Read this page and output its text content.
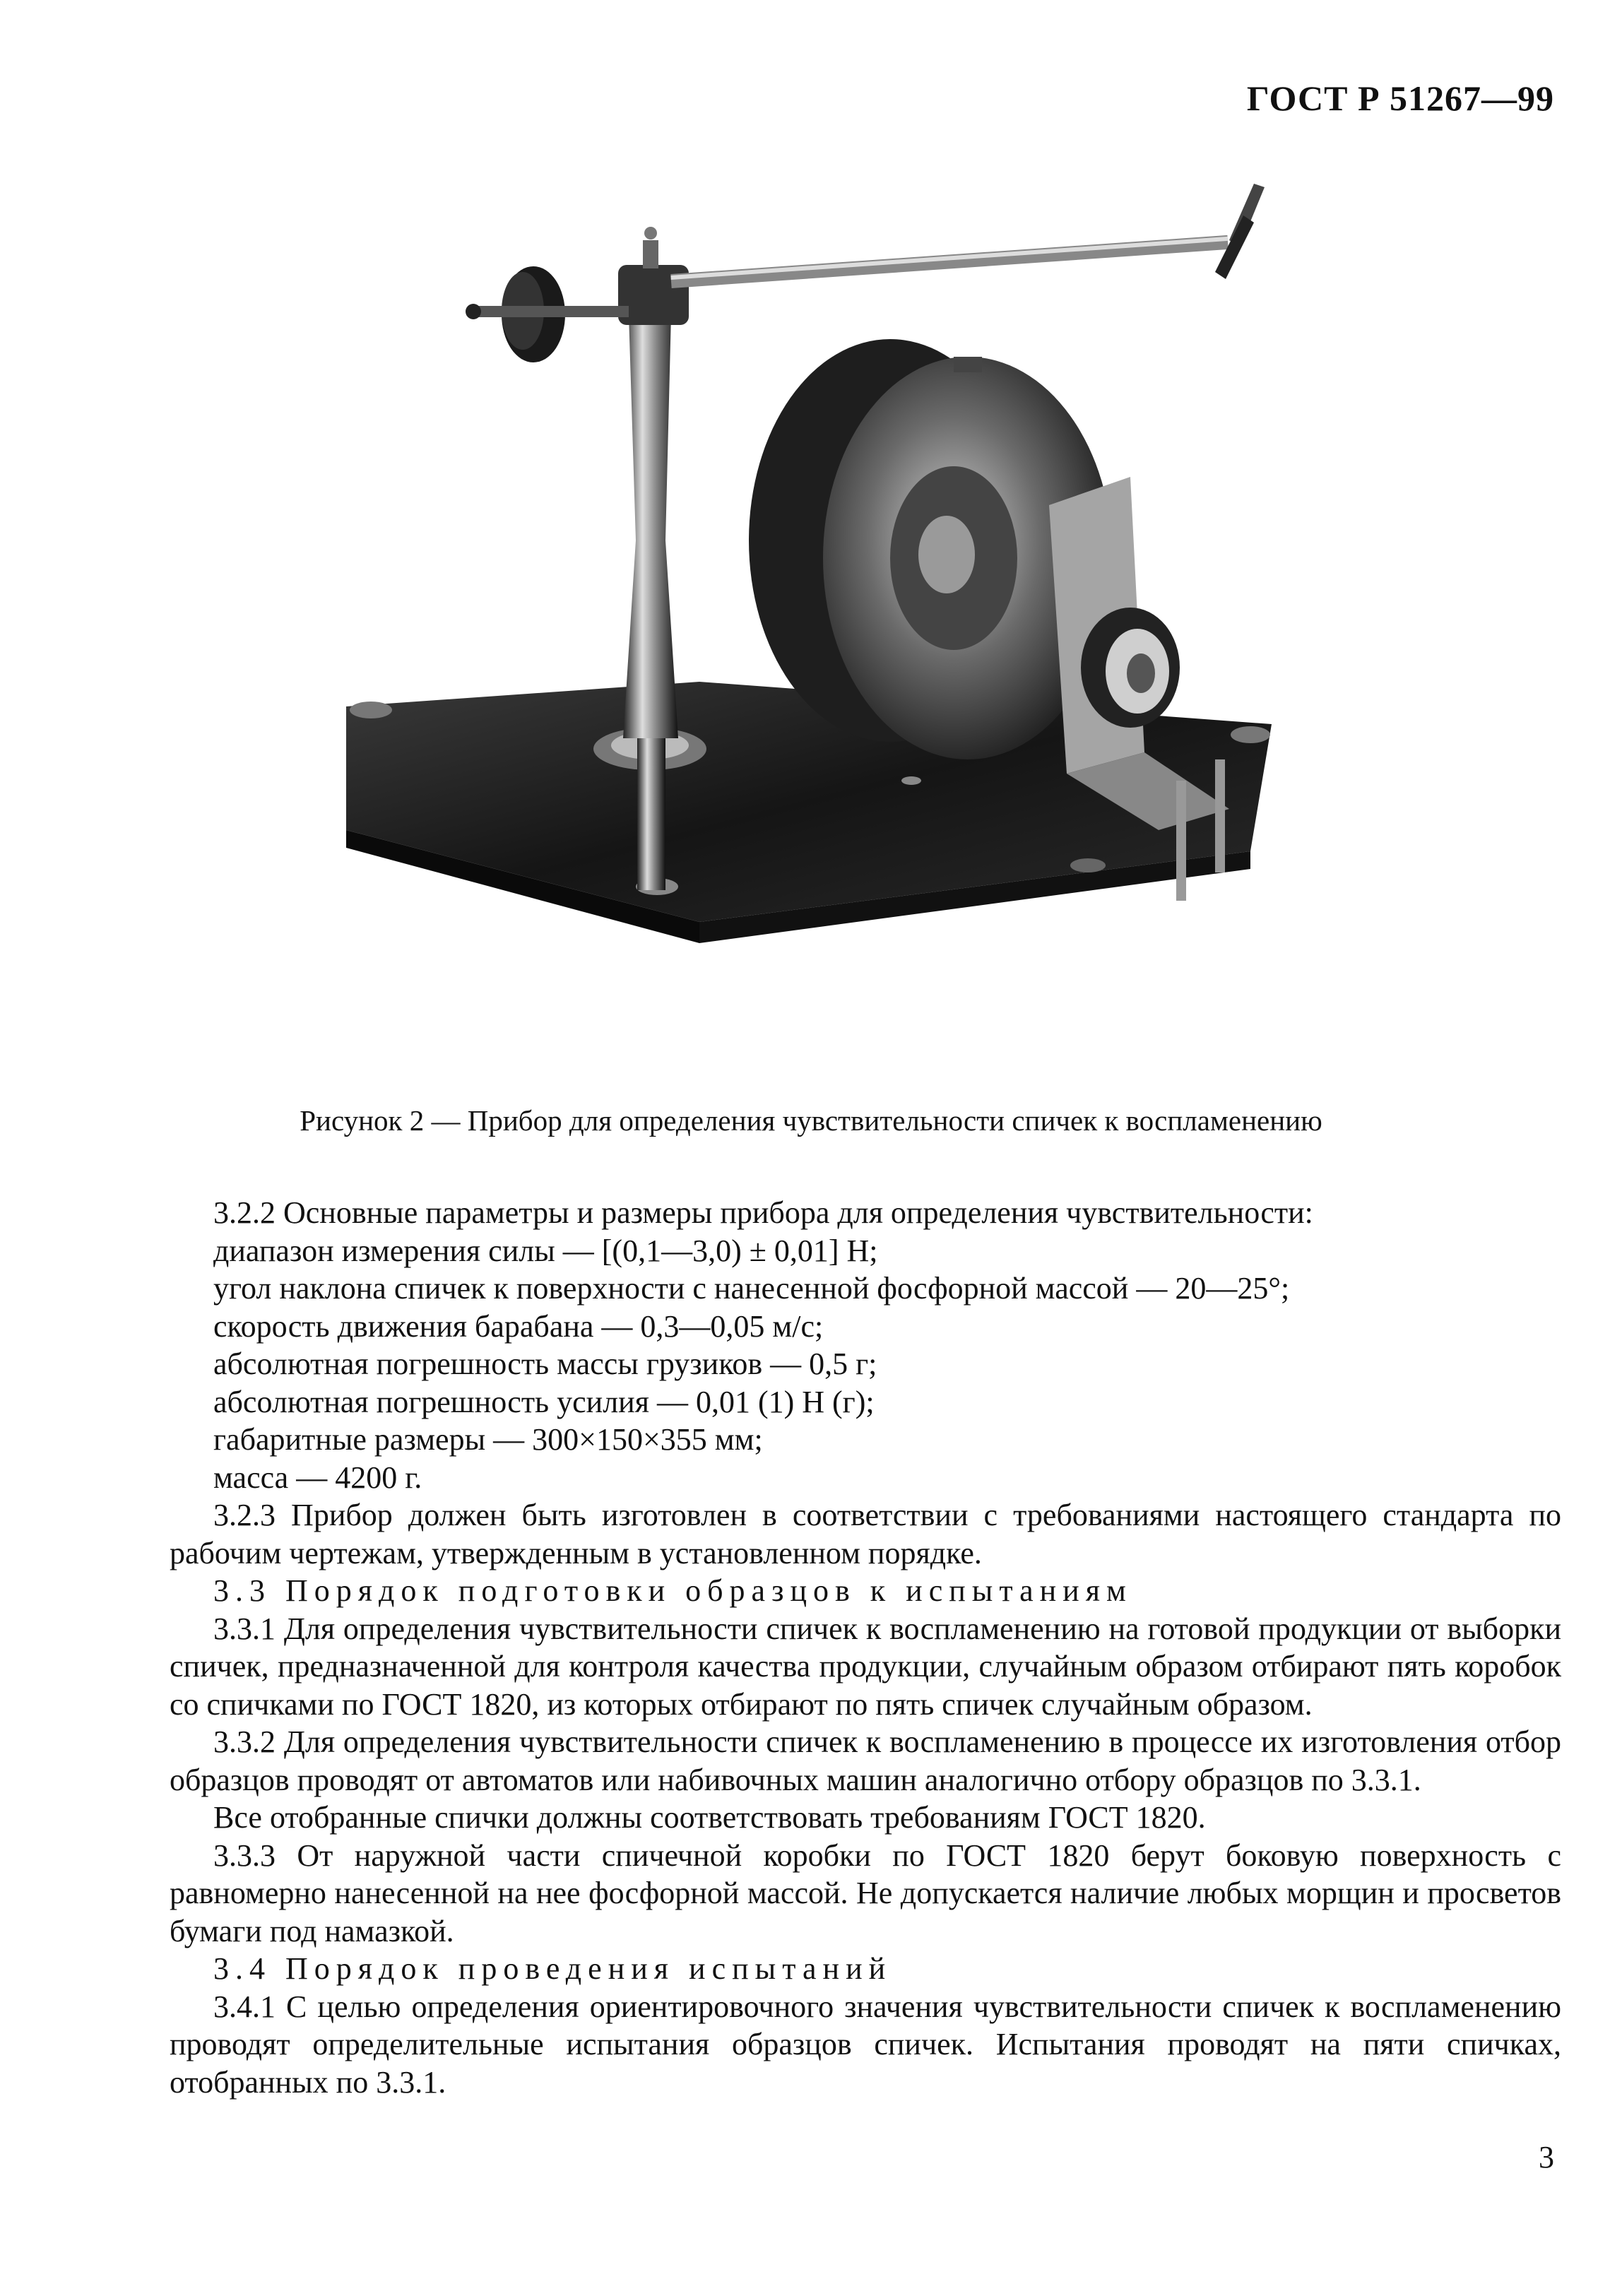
ГОСТ Р 51267—99
Рисунок 2 — Прибор для определения чувствительности спичек к воспламенению

3.2.2 Основные параметры и размеры прибора для определения чувствительности:

диапазон измерения силы — [(0,1—3,0) ± 0,01] Н;

угол наклона спичек к поверхности с нанесенной фосфорной массой — 20—25°;

скорость движения барабана — 0,3—0,05 м/с;

абсолютная погрешность массы грузиков — 0,5 г;

абсолютная погрешность усилия — 0,01 (1) Н (г);

габаритные размеры — 300×150×355 мм;

масса — 4200 г.

3.2.3 Прибор должен быть изготовлен в соответствии с требованиями настоящего стандарта по рабочим чертежам, утвержденным в установленном порядке.

3.3 Порядок подготовки образцов к испытаниям

3.3.1 Для определения чувствительности спичек к воспламенению на готовой продукции от выборки спичек, предназначенной для контроля качества продукции, случайным образом отбирают пять коробок со спичками по ГОСТ 1820, из которых отбирают по пять спичек случайным образом.

3.3.2 Для определения чувствительности спичек к воспламенению в процессе их изготовления отбор образцов проводят от автоматов или набивочных машин аналогично отбору образцов по 3.3.1.

Все отобранные спички должны соответствовать требованиям ГОСТ 1820.

3.3.3 От наружной части спичечной коробки по ГОСТ 1820 берут боковую поверхность с равномерно нанесенной на нее фосфорной массой. Не допускается наличие любых морщин и просветов бумаги под намазкой.

3.4 Порядок проведения испытаний

3.4.1 С целью определения ориентировочного значения чувствительности спичек к воспламенению проводят определительные испытания образцов спичек. Испытания проводят на пяти спичках, отобранных по 3.3.1.

3
